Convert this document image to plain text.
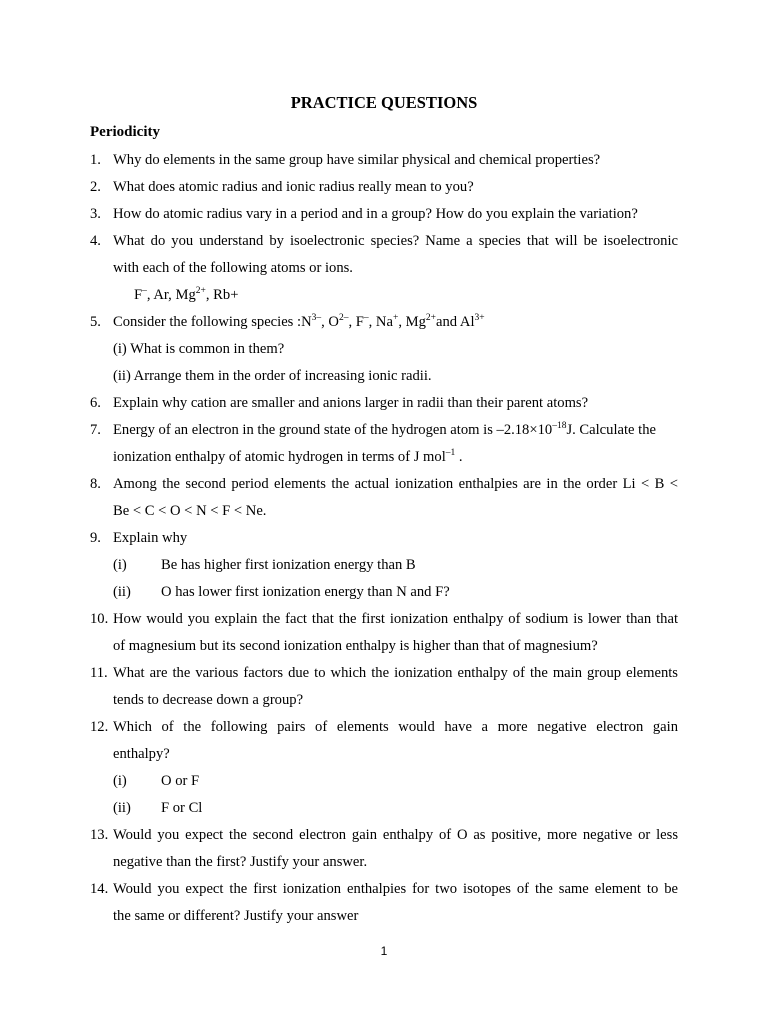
PRACTICE QUESTIONS
Periodicity
1. Why do elements in the same group have similar physical and chemical properties?
2. What does atomic radius and ionic radius really mean to you?
3. How do atomic radius vary in a period and in a group? How do you explain the variation?
4. What do you understand by isoelectronic species? Name a species that will be isoelectronic
with each of the following atoms or ions.
F–, Ar, $Mg^{2+}$, Rb+
5. Consider the following species $:N^{3-}$, $O^{2-}$, F–, Na+, $Mg^{2+}and$ $Al^{3+}$
(i) What is common in them?
(ii) Arrange them in the order of increasing ionic radii.
6. Explain why cation are smaller and anions larger in radii than their parent atoms?
7. Energy of an electron in the ground state of the hydrogen atom is $-2.18\times 10^{-18}J$. Calculate the
ionization enthalpy of atomic hydrogen in terms of J mol$^{-1}$ .
8. Among the second period elements the actual ionization enthalpies are in the order Li < B <
Be < C < O < N < F < Ne.
9. Explain why
(i) Be has higher first ionization energy than B
(ii) O has lower first ionization energy than N and F?
10. How would you explain the fact that the first ionization enthalpy of sodium is lower than that
of magnesium but its second ionization enthalpy is higher than that of magnesium?
11. What are the various factors due to which the ionization enthalpy of the main group elements
tends to decrease down a group?
12. Which of the following pairs of elements would have a more negative electron gain
enthalpy?
(i) O or F
(ii) F or Cl
13. Would you expect the second electron gain enthalpy of O as positive, more negative or less
negative than the first? Justify your answer.
14. Would you expect the first ionization enthalpies for two isotopes of the same element to be
the same or different? Justify your answer
1
